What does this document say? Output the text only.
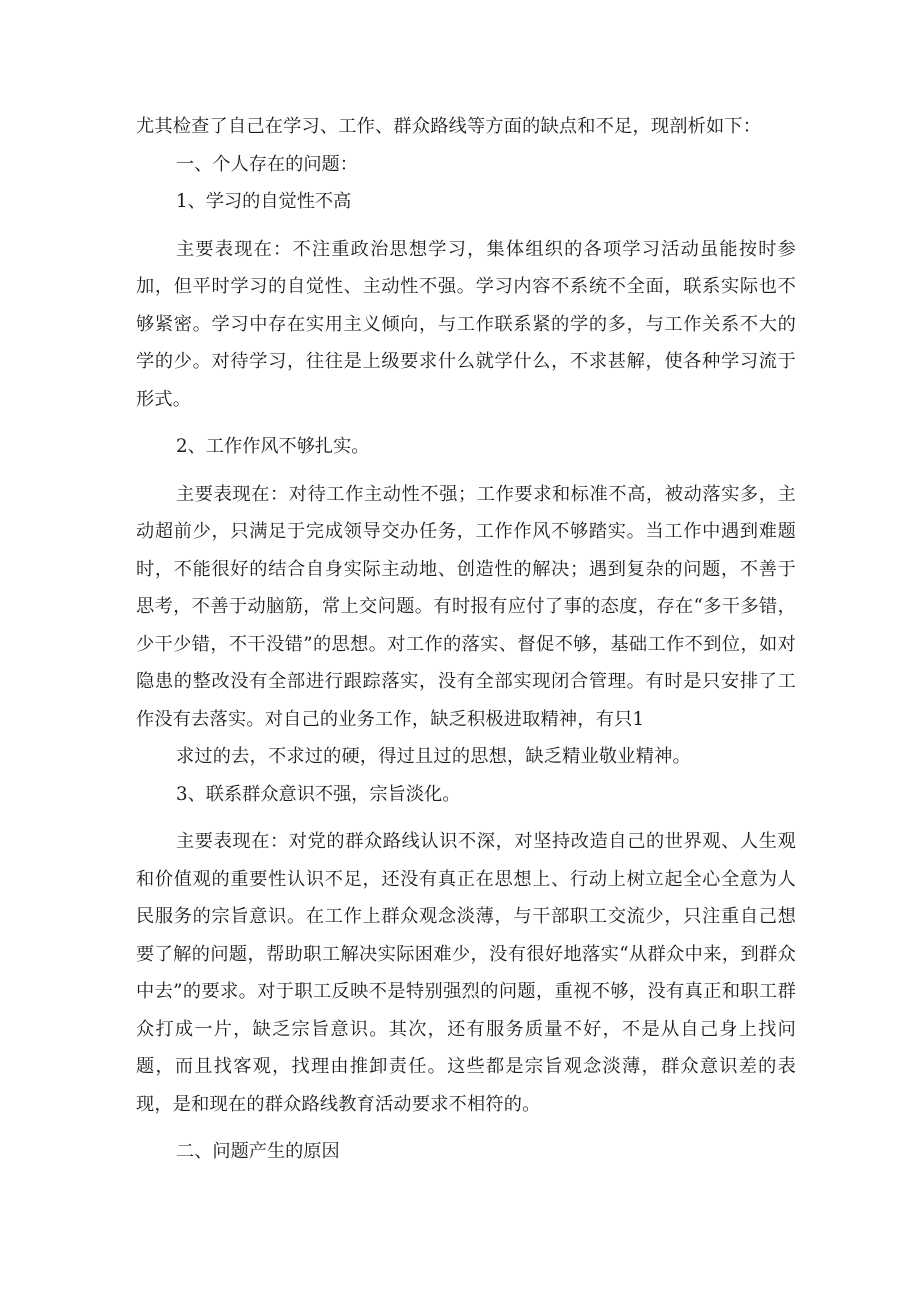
尤其检查了自己在学习、工作、群众路线等方面的缺点和不足，现剖析如下：

一、个人存在的问题：

1、学习的自觉性不高

主要表现在：不注重政治思想学习，集体组织的各项学习活动虽能按时参加，但平时学习的自觉性、主动性不强。学习内容不系统不全面，联系实际也不够紧密。学习中存在实用主义倾向，与工作联系紧的学的多，与工作关系不大的学的少。对待学习，往往是上级要求什么就学什么，不求甚解，使各种学习流于形式。

2、工作作风不够扎实。

主要表现在：对待工作主动性不强；工作要求和标准不高，被动落实多，主动超前少，只满足于完成领导交办任务，工作作风不够踏实。当工作中遇到难题时，不能很好的结合自身实际主动地、创造性的解决；遇到复杂的问题，不善于思考，不善于动脑筋，常上交问题。有时报有应付了事的态度，存在“多干多错，少干少错，不干没错”的思想。对工作的落实、督促不够，基础工作不到位，如对隐患的整改没有全部进行跟踪落实，没有全部实现闭合管理。有时是只安排了工作没有去落实。对自己的业务工作，缺乏积极进取精神，有只1

求过的去，不求过的硬，得过且过的思想，缺乏精业敬业精神。

3、联系群众意识不强，宗旨淡化。

主要表现在：对党的群众路线认识不深，对坚持改造自己的世界观、人生观和价值观的重要性认识不足，还没有真正在思想上、行动上树立起全心全意为人民服务的宗旨意识。在工作上群众观念淡薄，与干部职工交流少，只注重自己想要了解的问题，帮助职工解决实际困难少，没有很好地落实“从群众中来，到群众中去”的要求。对于职工反映不是特别强烈的问题，重视不够，没有真正和职工群众打成一片，缺乏宗旨意识。其次，还有服务质量不好，不是从自己身上找问题，而且找客观，找理由推卸责任。这些都是宗旨观念淡薄，群众意识差的表现，是和现在的群众路线教育活动要求不相符的。

二、问题产生的原因
